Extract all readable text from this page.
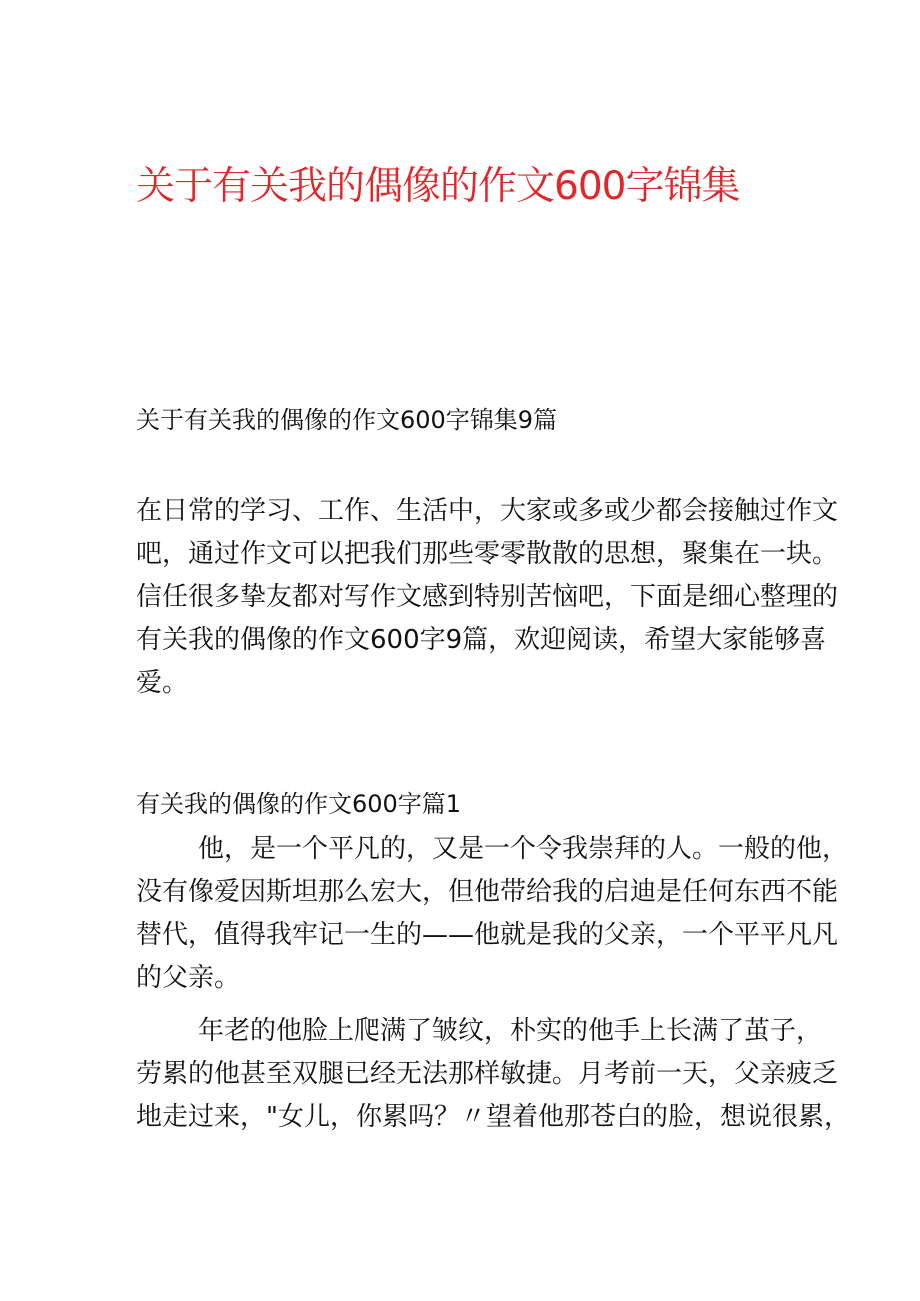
关于有关我的偶像的作文600字锦集

关于有关我的偶像的作文600字锦集9篇

在日常的学习、工作、生活中，大家或多或少都会接触过作文
吧，通过作文可以把我们那些零零散散的思想，聚集在一块。
信任很多挚友都对写作文感到特别苦恼吧，下面是细心整理的
有关我的偶像的作文600字9篇，欢迎阅读，希望大家能够喜
爱。

有关我的偶像的作文600字篇1

他，是一个平凡的，又是一个令我崇拜的人。一般的他，
没有像爱因斯坦那么宏大，但他带给我的启迪是任何东西不能
替代，值得我牢记一生的——他就是我的父亲，一个平平凡凡
的父亲。
年老的他脸上爬满了皱纹，朴实的他手上长满了茧子，
劳累的他甚至双腿已经无法那样敏捷。月考前一天，父亲疲乏
地走过来，"女儿，你累吗？〃望着他那苍白的脸，想说很累，
